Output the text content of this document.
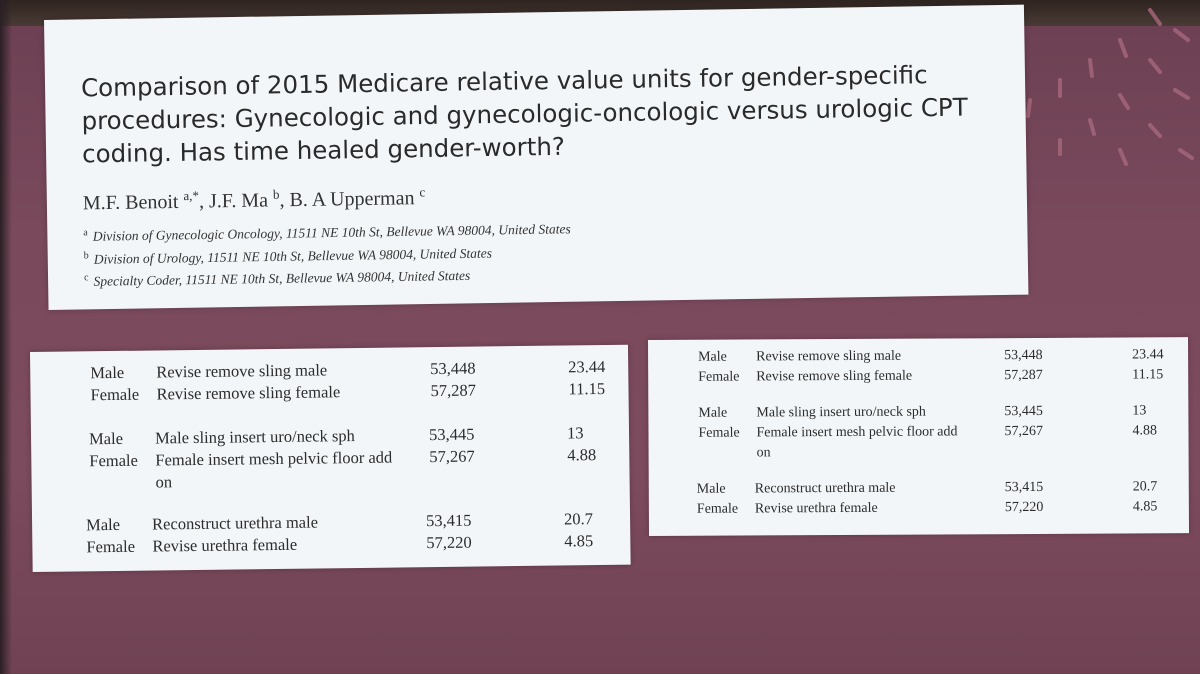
Comparison of 2015 Medicare relative value units for gender-specific procedures: Gynecologic and gynecologic-oncologic versus urologic CPT coding. Has time healed gender-worth?
M.F. Benoit $^{a,*}$, J.F. Ma $^b$, B. A Upperman $^c$
$^a$ Division of Gynecologic Oncology, 11511 NE 10th St, Bellevue WA 98004, United States
$^b$ Division of Urology, 11511 NE 10th St, Bellevue WA 98004, United States
$^c$ Specialty Coder, 11511 NE 10th St, Bellevue WA 98004, United States
Male Revise remove sling male	53,448	23.44
Female Revise remove sling female	57,287	11.15
Male Male sling insert uro/neck sph	53,445	13
Female Female insert mesh pelvic floor add 57,267	4.88
on
Male Reconstruct urethra male	53,415	20.7
Female Revise urethra female	57,220	4.85
Male Revise remove sling male	53,448	23.44
Female Revise remove sling female	57,287	11.15
Male Male sling insert uro/neck sph	53,445	13
Female Female insert mesh pelvic floor add	57,267	4.88
on
Male Reconstruct urethra male	53,415	20.7
Female Revise urethra female	57,220	4.85
